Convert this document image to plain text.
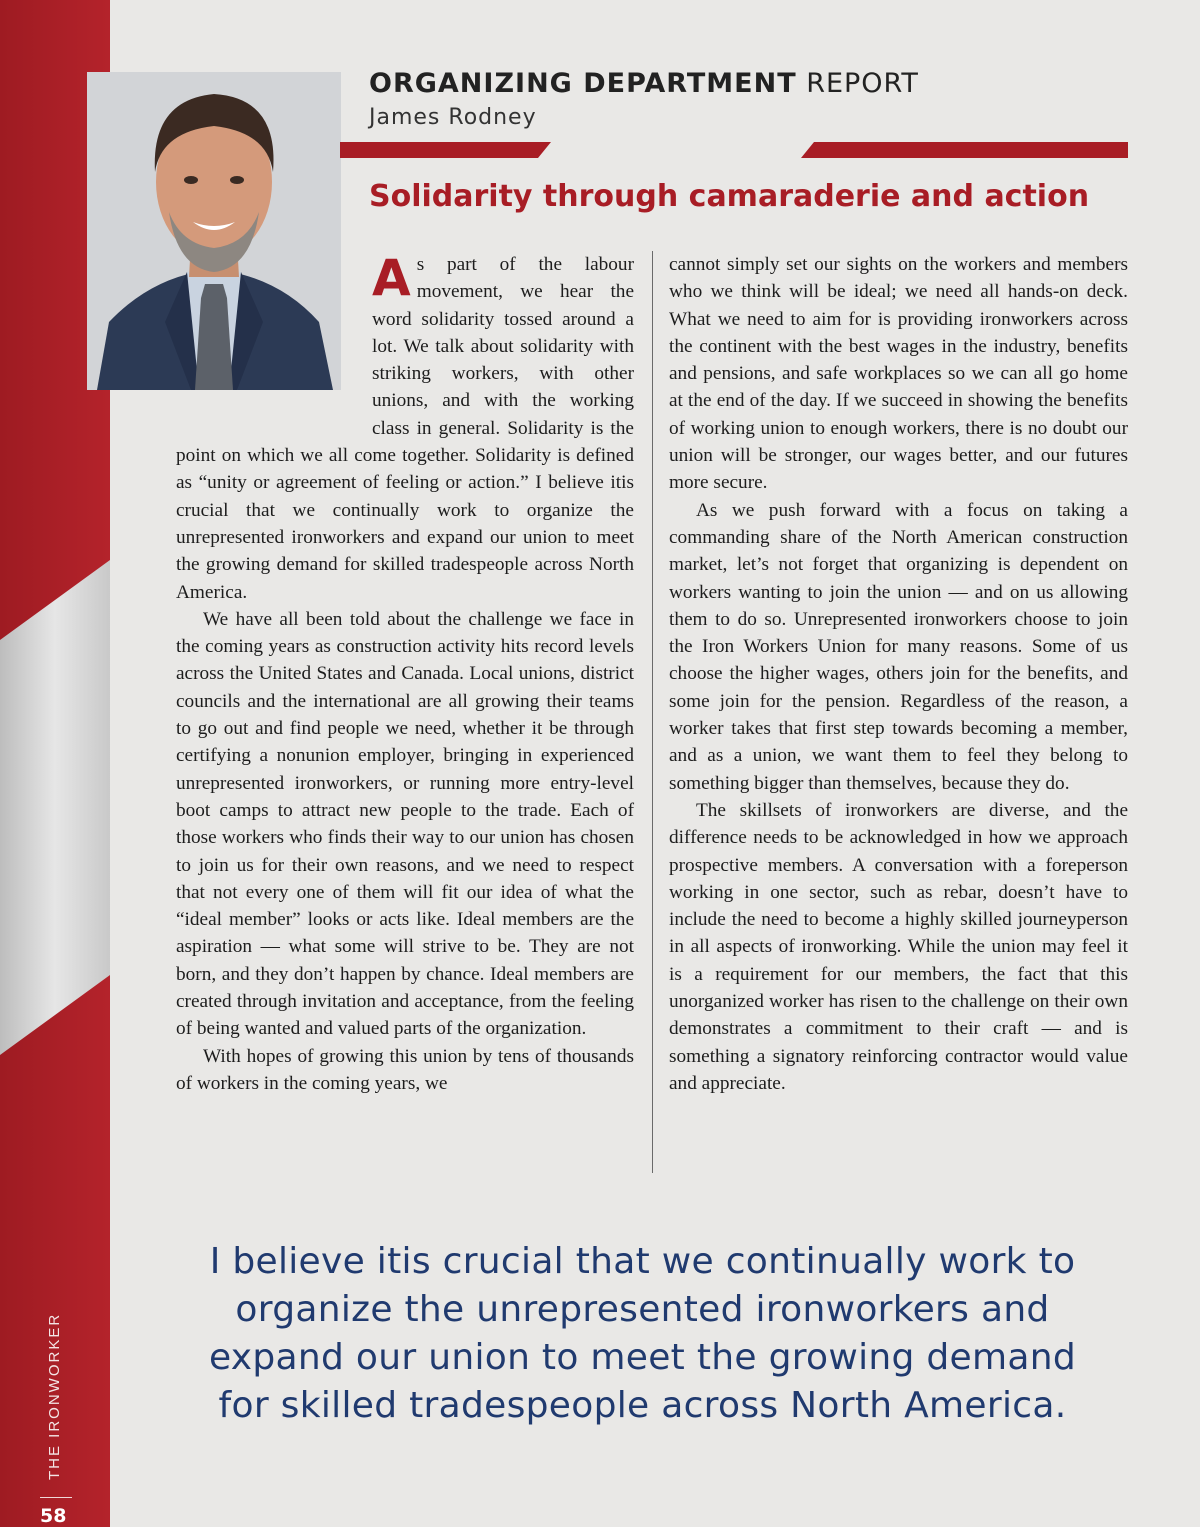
THE IRONWORKER
58
ORGANIZING DEPARTMENT REPORT
James Rodney
Solidarity through camaraderie and action

As part of the labour movement, we hear the word solidarity tossed around a lot. We talk about solidarity with striking workers, with other unions, and with the working class in general. Solidarity is the point on which we all come together. Solidarity is defined as “unity or agreement of feeling or action.” I believe itis crucial that we continually work to organize the unrepresented ironworkers and expand our union to meet the growing demand for skilled tradespeople across North America.

We have all been told about the challenge we face in the coming years as construction activity hits record levels across the United States and Canada. Local unions, district councils and the international are all growing their teams to go out and find people we need, whether it be through certifying a nonunion employer, bringing in experienced unrepresented ironworkers, or running more entry-level boot camps to attract new people to the trade. Each of those workers who finds their way to our union has chosen to join us for their own reasons, and we need to respect that not every one of them will fit our idea of what the “ideal member” looks or acts like. Ideal members are the aspiration — what some will strive to be. They are not born, and they don’t happen by chance. Ideal members are created through invitation and acceptance, from the feeling of being wanted and valued parts of the organization.

With hopes of growing this union by tens of thousands of workers in the coming years, we

cannot simply set our sights on the workers and members who we think will be ideal; we need all hands-on deck. What we need to aim for is providing ironworkers across the continent with the best wages in the industry, benefits and pensions, and safe workplaces so we can all go home at the end of the day. If we succeed in showing the benefits of working union to enough workers, there is no doubt our union will be stronger, our wages better, and our futures more secure.

As we push forward with a focus on taking a commanding share of the North American construction market, let’s not forget that organizing is dependent on workers wanting to join the union — and on us allowing them to do so. Unrepresented ironworkers choose to join the Iron Workers Union for many reasons. Some of us choose the higher wages, others join for the benefits, and some join for the pension. Regardless of the reason, a worker takes that first step towards becoming a member, and as a union, we want them to feel they belong to something bigger than themselves, because they do.

The skillsets of ironworkers are diverse, and the difference needs to be acknowledged in how we approach prospective members. A conversation with a foreperson working in one sector, such as rebar, doesn’t have to include the need to become a highly skilled journeyperson in all aspects of ironworking. While the union may feel it is a requirement for our members, the fact that this unorganized worker has risen to the challenge on their own demonstrates a commitment to their craft — and is something a signatory reinforcing contractor would value and appreciate.

I believe itis crucial that we continually work to organize the unrepresented ironworkers and expand our union to meet the growing demand for skilled tradespeople across North America.
